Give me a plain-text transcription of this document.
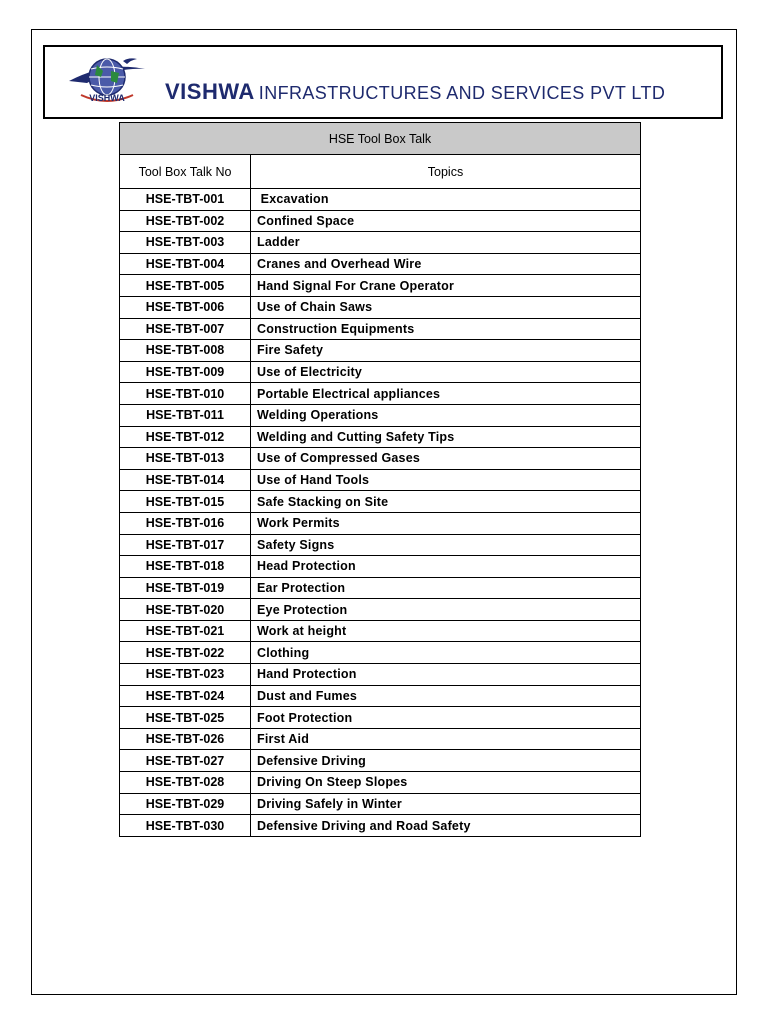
VISHWA VISHWA INFRASTRUCTURES AND SERVICES PVT LTD
HSE Tool Box Talk	
Tool Box Talk No	Topics
HSE-TBT-001	Excavation
HSE-TBT-002	Confined Space
HSE-TBT-003	Ladder
HSE-TBT-004	Cranes and Overhead Wire
HSE-TBT-005	Hand Signal For Crane Operator
HSE-TBT-006	Use of Chain Saws
HSE-TBT-007	Construction Equipments
HSE-TBT-008	Fire Safety
HSE-TBT-009	Use of Electricity
HSE-TBT-010	Portable Electrical appliances
HSE-TBT-011	Welding Operations
HSE-TBT-012	Welding and Cutting Safety Tips
HSE-TBT-013	Use of Compressed Gases
HSE-TBT-014	Use of Hand Tools
HSE-TBT-015	Safe Stacking on Site
HSE-TBT-016	Work Permits
HSE-TBT-017	Safety Signs
HSE-TBT-018	Head Protection
HSE-TBT-019	Ear Protection
HSE-TBT-020	Eye Protection
HSE-TBT-021	Work at height
HSE-TBT-022	Clothing
HSE-TBT-023	Hand Protection
HSE-TBT-024	Dust and Fumes
HSE-TBT-025	Foot Protection
HSE-TBT-026	First Aid
HSE-TBT-027	Defensive Driving
HSE-TBT-028	Driving On Steep Slopes
HSE-TBT-029	Driving Safely in Winter
HSE-TBT-030	Defensive Driving and Road Safety
